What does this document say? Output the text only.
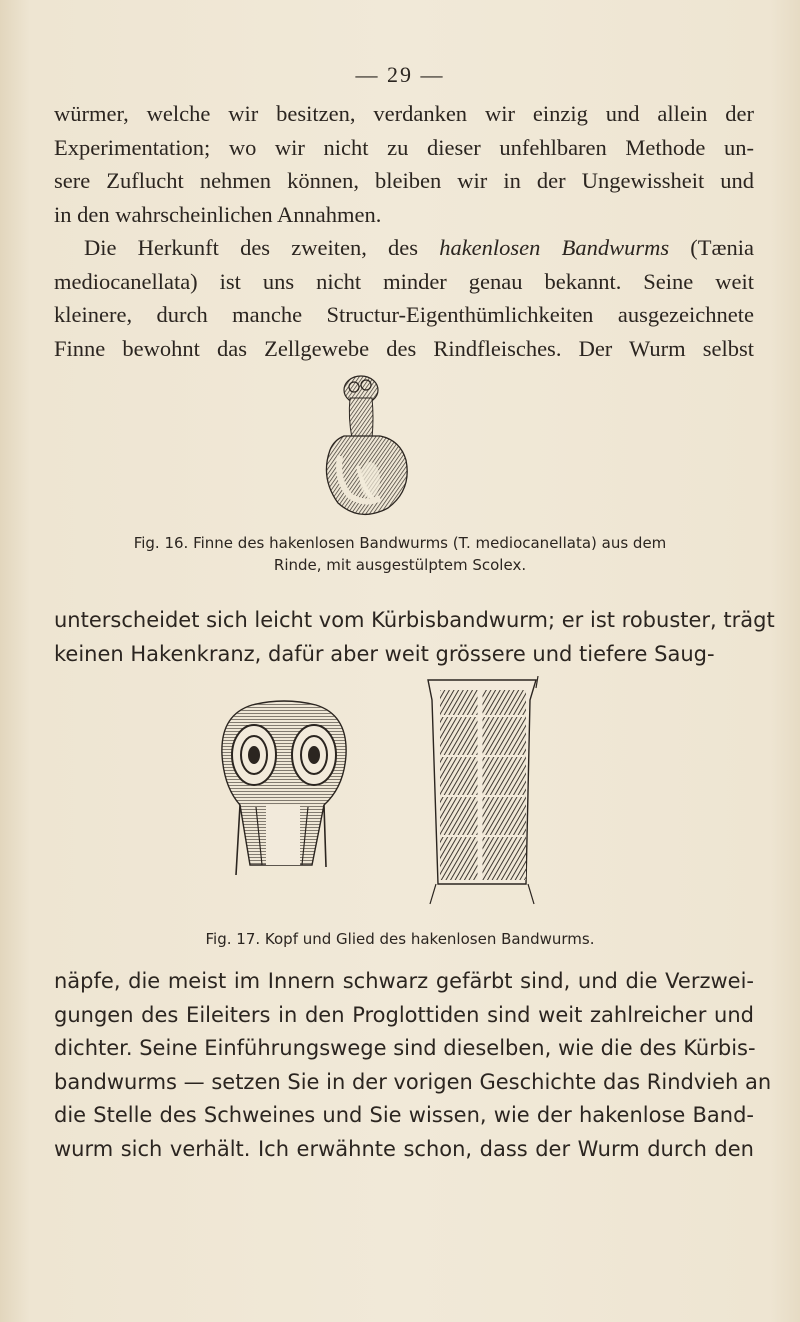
— 29 —
würmer, welche wir besitzen, verdanken wir einzig und allein der
Experimentation; wo wir nicht zu dieser unfehlbaren Methode un-
sere Zuflucht nehmen können, bleiben wir in der Ungewissheit und
in den wahrscheinlichen Annahmen.
Die Herkunft des zweiten, des hakenlosen Bandwurms (Tænia
mediocanellata) ist uns nicht minder genau bekannt. Seine weit
kleinere, durch manche Structur-Eigenthümlichkeiten ausgezeichnete
Finne bewohnt das Zellgewebe des Rindfleisches. Der Wurm selbst
Fig. 16. Finne des hakenlosen Bandwurms (T. mediocanellata) aus dem
Rinde, mit ausgestülptem Scolex.
unterscheidet sich leicht vom Kürbisbandwurm; er ist robuster, trägt
keinen Hakenkranz, dafür aber weit grössere und tiefere Saug-
Fig. 17. Kopf und Glied des hakenlosen Bandwurms.
näpfe, die meist im Innern schwarz gefärbt sind, und die Verzwei-
gungen des Eileiters in den Proglottiden sind weit zahlreicher und
dichter. Seine Einführungswege sind dieselben, wie die des Kürbis-
bandwurms — setzen Sie in der vorigen Geschichte das Rindvieh an
die Stelle des Schweines und Sie wissen, wie der hakenlose Band-
wurm sich verhält. Ich erwähnte schon, dass der Wurm durch den
